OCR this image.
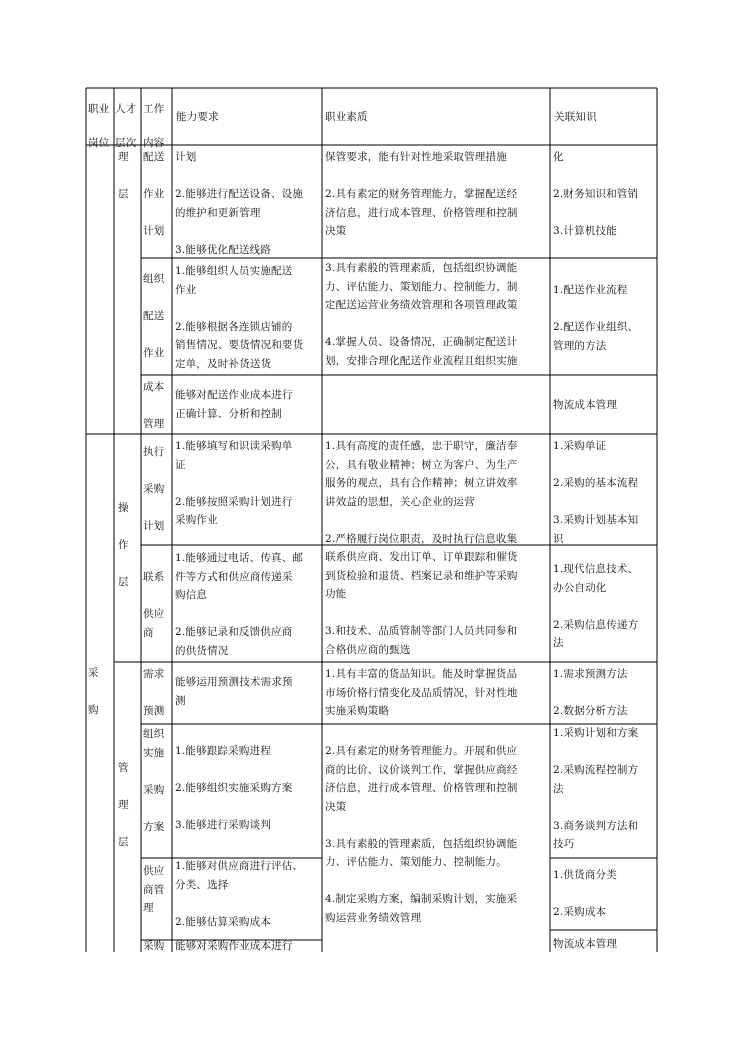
职业
岗位
人才
层次
工作
内容
能力要求	职业素质	关联知识
采

购
理

层
操

作

层
管

理

层
配送

作业

计划
组织

配送

作业
成本

管理
执行

采购

计划
联系

供应
商
需求

预测
组织
实施

采购

方案
供应
商管
理
采购
计划

2.能够进行配送设备、设施
的维护和更新管理

3.能够优化配送线路
1.能够组织人员实施配送
作业

2.能够根据各连锁店铺的
销售情况、要货情况和要货
定单，及时补货送货
能够对配送作业成本进行
正确计算、分析和控制
1.能够填写和识读采购单
证

2.能够按照采购计划进行
采购作业
1.能够通过电话、传真、邮
件等方式和供应商传递采
购信息

2.能够记录和反馈供应商
的供货情况
能够运用预测技术需求预
测
1.能够跟踪采购进程

2.能够组织实施采购方案

3.能够进行采购谈判
1.能够对供应商进行评估、
分类、选择

2.能够估算采购成本
能够对采购作业成本进行
保管要求，能有针对性地采取管理措施

2.具有素定的财务管理能力，掌握配送经
济信息，进行成本管理、价格管理和控制
决策

3.具有素般的管理素质，包括组织协调能
力、评估能力、策划能力、控制能力，制
定配送运营业务绩效管理和各项管理政策

4.掌握人员、设备情况，正确制定配送计
划，安排合理化配送作业流程且组织实施
1.具有高度的责任感，忠于职守，廉洁奉
公，具有敬业精神；树立为客户、为生产
服务的观点，具有合作精神；树立讲效率
讲效益的思想，关心企业的运营

2.严格履行岗位职责，及时执行信息收集
联系供应商、发出订单、订单跟踪和催货
到货检验和退货、档案记录和维护等采购
功能

3.和技术、品质管制等部门人员共同参和
合格供应商的甄选
1.具有丰富的货品知识。能及时掌握货品
市场价格行情变化及品质情况，针对性地
实施采购策略
2.具有素定的财务管理能力。开展和供应
商的比价、议价谈判工作，掌握供应商经
济信息，进行成本管理、价格管理和控制
决策

3.具有素般的管理素质，包括组织协调能
力、评估能力、策划能力、控制能力。

4.制定采购方案，编制采购计划，实施采
购运营业务绩效管理
化

2.财务知识和管销

3.计算机技能
1.配送作业流程

2.配送作业组织、
管理的方法
物流成本管理
1.采购单证

2.采购的基本流程

3.采购计划基本知
识
1.现代信息技术、
办公自动化

2.采购信息传递方
法
1.需求预测方法

2.数据分析方法
1.采购计划和方案

2.采购流程控制方
法

3.商务谈判方法和
技巧
1.供货商分类

2.采购成本
物流成本管理
